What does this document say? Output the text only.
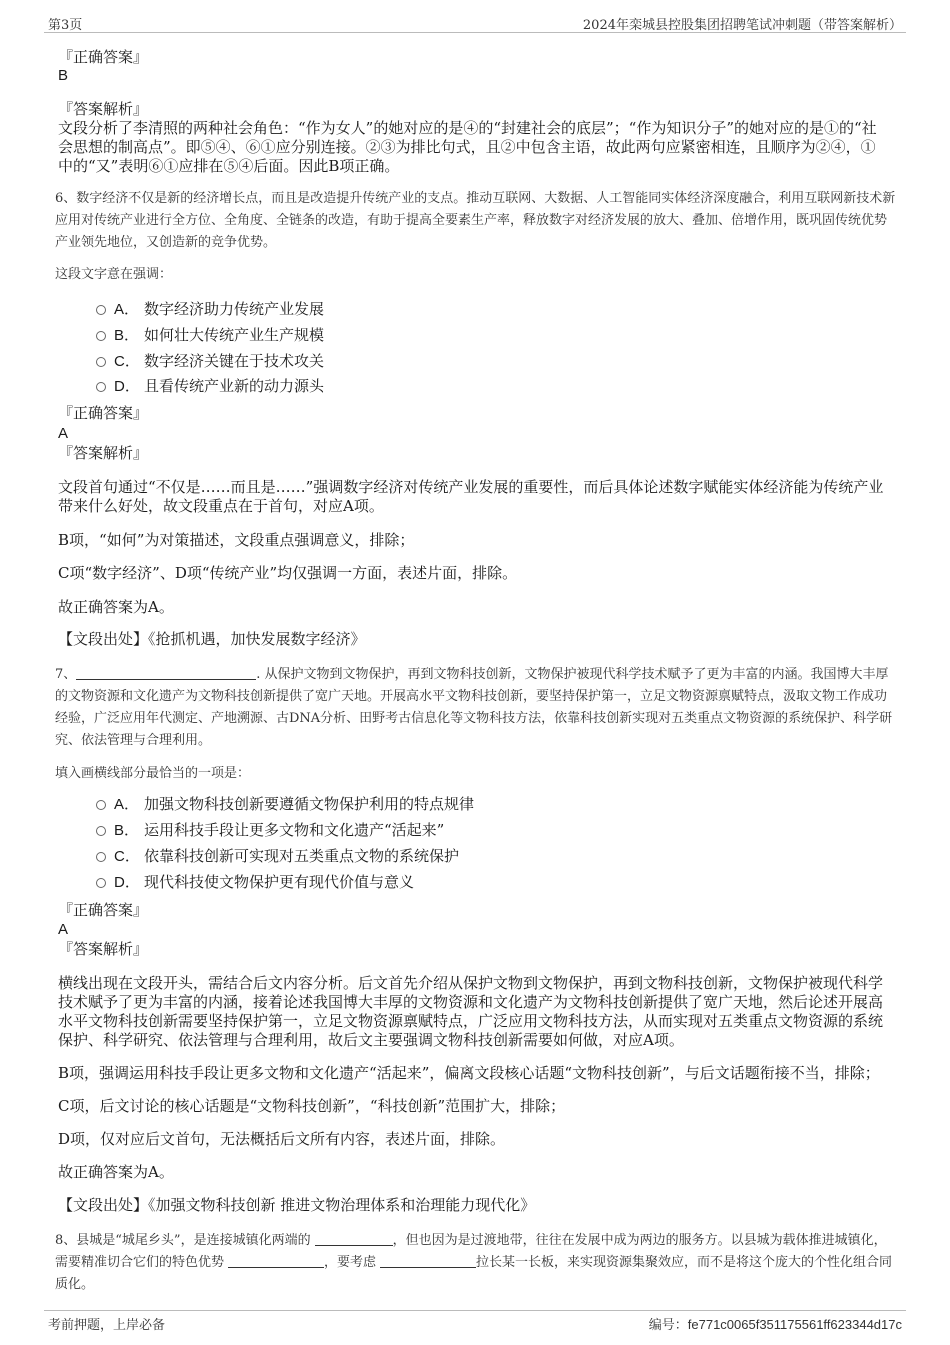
第3页	2024年栾城县控股集团招聘笔试冲刺题（带答案解析）
『正确答案』
B
『答案解析』
文段分析了李清照的两种社会角色：“作为女人”的她对应的是④的“封建社会的底层”；“作为知识分子”的她对应的是①的“社会思想的制高点”。即⑤④、⑥①应分别连接。②③为排比句式，且②中包含主语，故此两句应紧密相连，且顺序为②④，①中的“又”表明⑥①应排在⑤④后面。因此B项正确。
6、数字经济不仅是新的经济增长点，而且是改造提升传统产业的支点。推动互联网、大数据、人工智能同实体经济深度融合，利用互联网新技术新应用对传统产业进行全方位、全角度、全链条的改造，有助于提高全要素生产率，释放数字对经济发展的放大、叠加、倍增作用，既巩固传统优势产业领先地位，又创造新的竞争优势。
这段文字意在强调：
A． 数字经济助力传统产业发展
B． 如何壮大传统产业生产规模
C． 数字经济关键在于技术攻关
D． 且看传统产业新的动力源头
『正确答案』
A
『答案解析』
文段首句通过“不仅是……而且是……”强调数字经济对传统产业发展的重要性，而后具体论述数字赋能实体经济能为传统产业带来什么好处，故文段重点在于首句，对应A项。
B项，“如何”为对策描述，文段重点强调意义，排除；
C项“数字经济”、D项“传统产业”均仅强调一方面，表述片面，排除。
故正确答案为A。
【文段出处】《抢抓机遇，加快发展数字经济》
7、	. 从保护文物到文物保护，再到文物科技创新，文物保护被现代科学技术赋予了更为丰富的内涵。我国博大丰厚的文物资源和文化遗产为文物科技创新提供了宽广天地。开展高水平文物科技创新，要坚持保护第一，立足文物资源禀赋特点，汲取文物工作成功经验，广泛应用年代测定、产地溯源、古DNA分析、田野考古信息化等文物科技方法，依靠科技创新实现对五类重点文物资源的系统保护、科学研究、依法管理与合理利用。
填入画横线部分最恰当的一项是：
A． 加强文物科技创新要遵循文物保护利用的特点规律
B． 运用科技手段让更多文物和文化遗产“活起来”
C． 依靠科技创新可实现对五类重点文物的系统保护
D． 现代科技使文物保护更有现代价值与意义
『正确答案』
A
『答案解析』
横线出现在文段开头，需结合后文内容分析。后文首先介绍从保护文物到文物保护，再到文物科技创新，文物保护被现代科学技术赋予了更为丰富的内涵，接着论述我国博大丰厚的文物资源和文化遗产为文物科技创新提供了宽广天地，然后论述开展高水平文物科技创新需要坚持保护第一，立足文物资源禀赋特点，广泛应用文物科技方法，从而实现对五类重点文物资源的系统保护、科学研究、依法管理与合理利用，故后文主要强调文物科技创新需要如何做，对应A项。
B项，强调运用科技手段让更多文物和文化遗产“活起来”，偏离文段核心话题“文物科技创新”，与后文话题衔接不当，排除；
C项，后文讨论的核心话题是“文物科技创新”，“科技创新”范围扩大，排除；
D项，仅对应后文首句，无法概括后文所有内容，表述片面，排除。
故正确答案为A。
【文段出处】《加强文物科技创新 推进文物治理体系和治理能力现代化》
8、县城是“城尾乡头”，是连接城镇化两端的	，但也因为是过渡地带，往往在发展中成为两边的服务方。以县城为载体推进城镇化，需要精准切合它们的特色优势	，要考虑	拉长某一长板，来实现资源集聚效应，而不是将这个庞大的个性化组合同质化。
考前押题，上岸必备	编号：fe771c0065f351175561ff623344d17c
